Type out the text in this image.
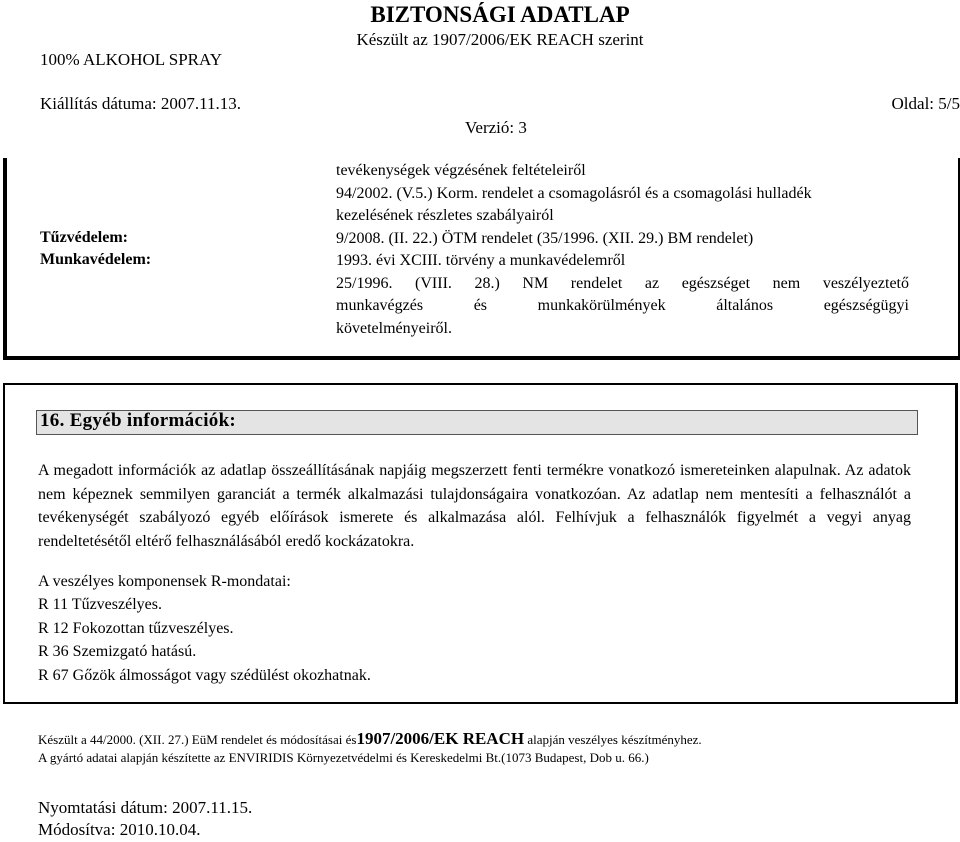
BIZTONSÁGI ADATLAP
Készült az 1907/2006/EK REACH szerint
100% ALKOHOL SPRAY
Kiállítás dátuma: 2007.11.13.	Oldal: 5/5
Verzió: 3
Tűzvédelem:
Munkavédelem:
tevékenységek végzésének feltételeiről
94/2002. (V.5.) Korm. rendelet a csomagolásról és a csomagolási hulladék
kezelésének részletes szabályairól
9/2008. (II. 22.) ÖTM rendelet (35/1996. (XII. 29.) BM rendelet)
1993. évi XCIII. törvény a munkavédelemről
25/1996. (VIII. 28.) NM rendelet az egészséget nem veszélyeztető
munkavégzés és munkakörülmények általános egészségügyi
követelményeiről.
16. Egyéb információk:
A megadott információk az adatlap összeállításának napjáig megszerzett fenti termékre vonatkozó ismereteinken alapulnak. Az adatok nem képeznek semmilyen garanciát a termék alkalmazási tulajdonságaira vonatkozóan. Az adatlap nem mentesíti a felhasználót a tevékenységét szabályozó egyéb előírások ismerete és alkalmazása alól. Felhívjuk a felhasználók figyelmét a vegyi anyag rendeltetésétől eltérő felhasználásából eredő kockázatokra.
A veszélyes komponensek R-mondatai:
R 11 Tűzveszélyes.
R 12 Fokozottan tűzveszélyes.
R 36 Szemizgató hatású.
R 67 Gőzök álmosságot vagy szédülést okozhatnak.
Készült a 44/2000. (XII. 27.) EüM rendelet és módosításai és1907/2006/EK REACH alapján veszélyes készítményhez.
A gyártó adatai alapján készítette az ENVIRIDIS Környezetvédelmi és Kereskedelmi Bt.(1073 Budapest, Dob u. 66.)
Nyomtatási dátum: 2007.11.15.
Módosítva: 2010.10.04.
